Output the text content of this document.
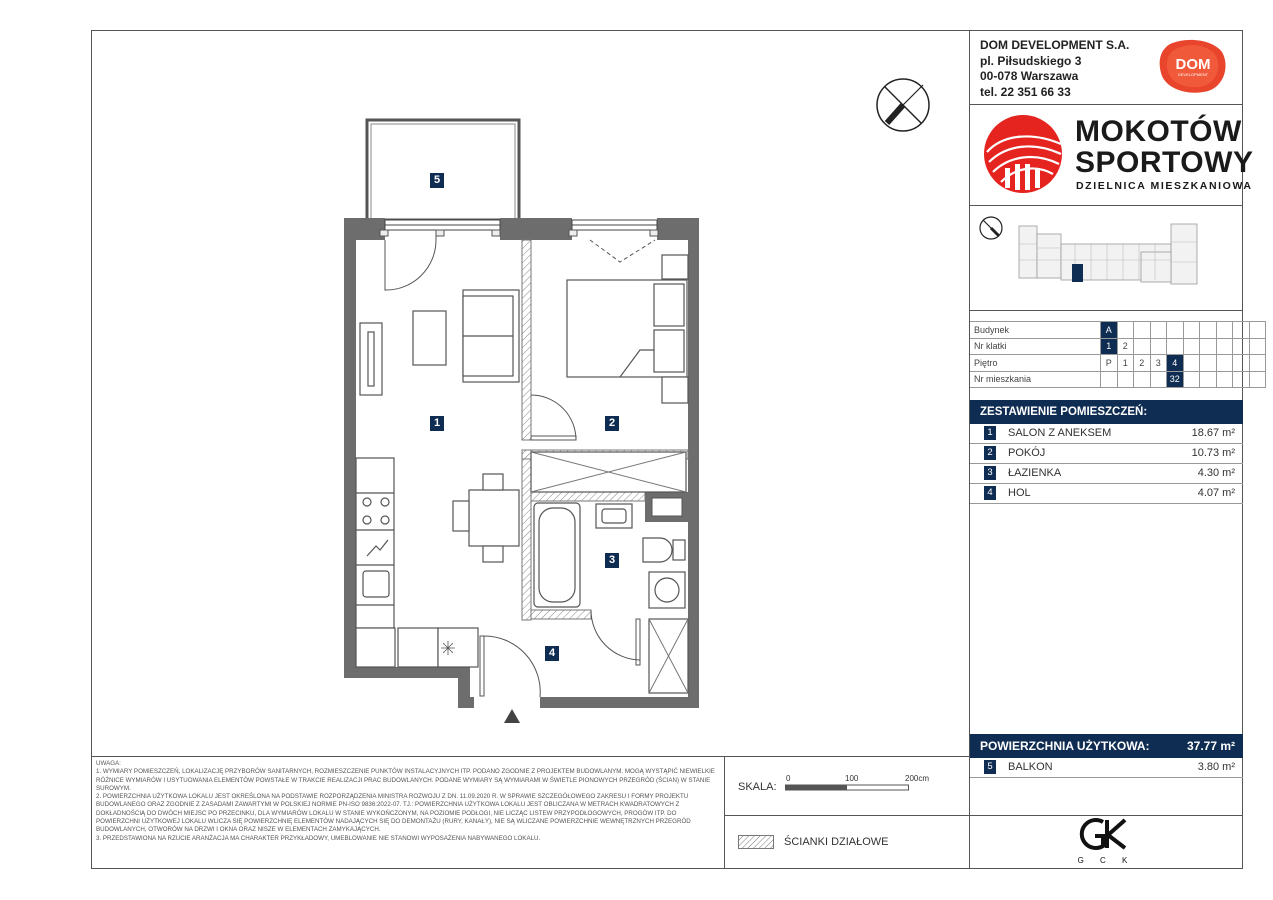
DOM DEVELOPMENT S.A.
pl. Piłsudskiego 3
00-078 Warszawa
tel. 22 351 66 33
DOM
DEVELOPMENT
MOKOTÓW
SPORTOWY
DZIELNICA MIESZKANIOWA
Budynek	A									
Nr klatki	1	2								
Piętro	P	1	2	3	4					
Nr mieszkania					32					
ZESTAWIENIE POMIESZCZEŃ:
1	SALON Z ANEKSEM	18.67 m²
2	POKÓJ	10.73 m²
3	ŁAZIENKA	4.30 m²
4	HOL	4.07 m²
POWIERZCHNIA UŻYTKOWA:	37.77 m²
5	BALKON	3.80 m²

UWAGA:

1. WYMIARY POMIESZCZEŃ, LOKALIZACJĘ PRZYBORÓW SANITARNYCH, ROZMIESZCZENIE PUNKTÓW INSTALACYJNYCH ITP. PODANO ZGODNIE Z PROJEKTEM BUDOWLANYM. MOGĄ WYSTĄPIĆ NIEWIELKIE RÓŻNICE WYMIARÓW I USYTUOWANIA ELEMENTÓW POWSTAŁE W TRAKCIE REALIZACJI PRAC BUDOWLANYCH. PODANE WYMIARY SĄ WYMIARAMI W ŚWIETLE PIONOWYCH PRZEGRÓD (ŚCIAN) W STANIE SUROWYM.

2. POWIERZCHNIA UŻYTKOWA LOKALU JEST OKREŚLONA NA PODSTAWIE ROZPORZĄDZENIA MINISTRA ROZWOJU Z DN. 11.09.2020 R. W SPRAWIE SZCZEGÓŁOWEGO ZAKRESU I FORMY PROJEKTU BUDOWLANEGO ORAZ ZGODNIE Z ZASADAMI ZAWARTYMI W POLSKIEJ NORMIE PN-ISO 9836:2022-07. TJ.: POWIERZCHNIA UŻYTKOWA LOKALU JEST OBLICZANA W METRACH KWADRATOWYCH Z DOKŁADNOŚCIĄ DO DWÓCH MIEJSC PO PRZECINKU, DLA WYMIARÓW LOKALU W STANIE WYKOŃCZONYM, NA POZIOMIE PODŁOGI, NIE LICZĄC LISTEW PRZYPODŁOGOWYCH, PROGÓW ITP. DO POWIERZCHNI UŻYTKOWEJ LOKALU WLICZA SIĘ POWIERZCHNIĘ ELEMENTÓW NADAJĄCYCH SIĘ DO DEMONTAŻU (RURY, KANAŁY), NIE SĄ WLICZANE POWIERZCHNIE WEWNĘTRZNYCH PRZEGRÓD BUDOWLANYCH, OTWORÓW NA DRZWI I OKNA ORAZ NISZE W ELEMENTACH ZAMYKAJĄCYCH.

3. PRZEDSTAWIONA NA RZUCIE ARANŻACJA MA CHARAKTER PRZYKŁADOWY, UMEBLOWANIE NIE STANOWI WYPOSAŻENIA NABYWANEGO LOKALU.

SKALA:
0	100	200cm
ŚCIANKI DZIAŁOWE
G C K
5
1	2
3
4
